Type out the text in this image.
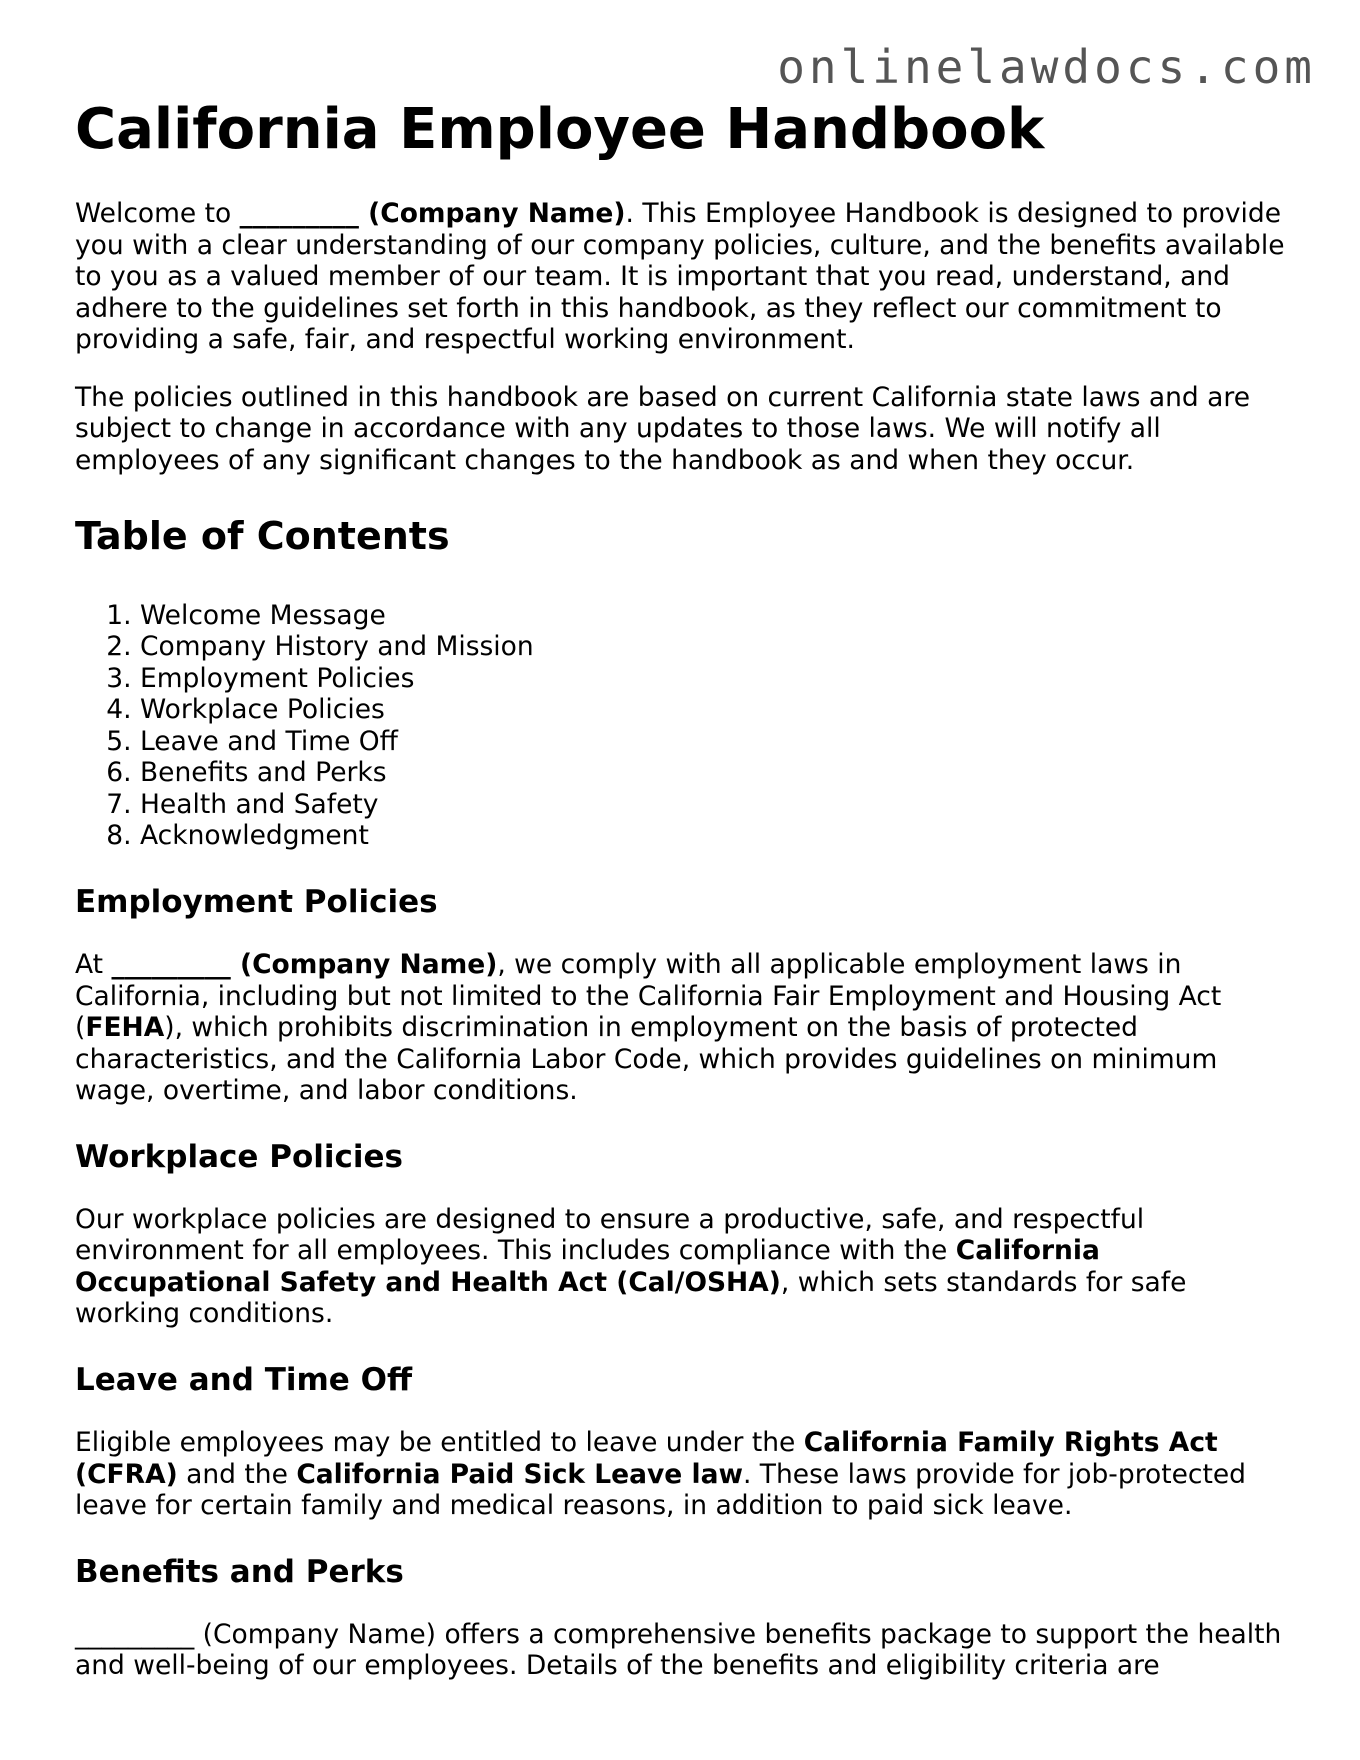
onlinelawdocs.com
California Employee Handbook

Welcome to _________ (Company Name). This Employee Handbook is designed to provide you with a clear understanding of our company policies, culture, and the benefits available to you as a valued member of our team. It is important that you read, understand, and adhere to the guidelines set forth in this handbook, as they reflect our commitment to providing a safe, fair, and respectful working environment.

The policies outlined in this handbook are based on current California state laws and are subject to change in accordance with any updates to those laws. We will notify all employees of any significant changes to the handbook as and when they occur.

Table of Contents
1. Welcome Message
2. Company History and Mission
3. Employment Policies
4. Workplace Policies
5. Leave and Time Off
6. Benefits and Perks
7. Health and Safety
8. Acknowledgment
Employment Policies

At _________ (Company Name), we comply with all applicable employment laws in California, including but not limited to the California Fair Employment and Housing Act (FEHA), which prohibits discrimination in employment on the basis of protected characteristics, and the California Labor Code, which provides guidelines on minimum wage, overtime, and labor conditions.

Workplace Policies

Our workplace policies are designed to ensure a productive, safe, and respectful environment for all employees. This includes compliance with the California Occupational Safety and Health Act (Cal/OSHA), which sets standards for safe working conditions.

Leave and Time Off

Eligible employees may be entitled to leave under the California Family Rights Act (CFRA) and the California Paid Sick Leave law. These laws provide for job-protected leave for certain family and medical reasons, in addition to paid sick leave.

Benefits and Perks

_________ (Company Name) offers a comprehensive benefits package to support the health and well-being of our employees. Details of the benefits and eligibility criteria are
